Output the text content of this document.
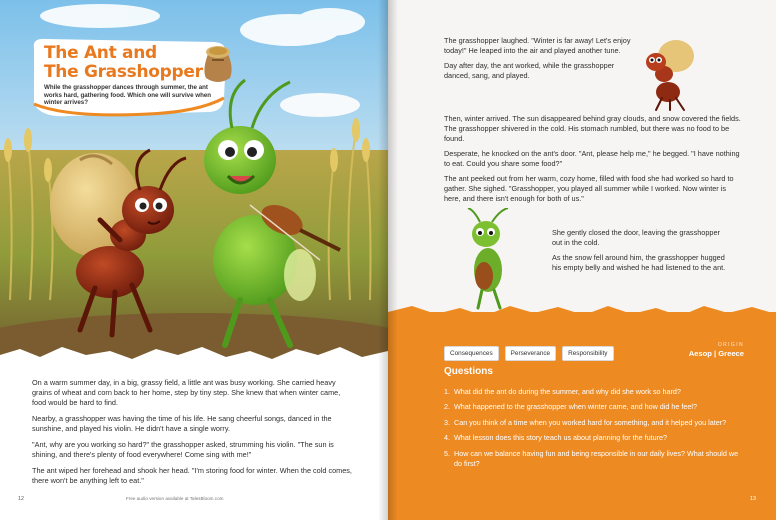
The Ant and
The Grasshopper
While the grasshopper dances through summer, the ant works hard, gathering food. Which one will survive when winter arrives?

On a warm summer day, in a big, grassy field, a little ant was busy working. She carried heavy grains of wheat and corn back to her home, step by tiny step. She knew that when winter came, food would be hard to find.

Nearby, a grasshopper was having the time of his life. He sang cheerful songs, danced in the sunshine, and played his violin. He didn't have a single worry.

"Ant, why are you working so hard?" the grasshopper asked, strumming his violin. "The sun is shining, and there's plenty of food everywhere! Come sing with me!"

The ant wiped her forehead and shook her head. "I'm storing food for winter. When the cold comes, there won't be anything left to eat."

12	Free audio version available at TalesBloom.com

The grasshopper laughed. "Winter is far away! Let's enjoy today!" He leaped into the air and played another tune.

Day after day, the ant worked, while the grasshopper danced, sang, and played.

Then, winter arrived. The sun disappeared behind gray clouds, and snow covered the fields. The grasshopper shivered in the cold. His stomach rumbled, but there was no food to be found.

Desperate, he knocked on the ant's door. "Ant, please help me," he begged. "I have nothing to eat. Could you share some food?"

The ant peeked out from her warm, cozy home, filled with food she had worked so hard to gather. She sighed. "Grasshopper, you played all summer while I worked. Now winter is here, and there isn't enough for both of us."

She gently closed the door, leaving the grasshopper out in the cold.

As the snow fell around him, the grasshopper hugged his empty belly and wished he had listened to the ant.

Consequences	Perseverance	Responsibility
ORIGIN
Aesop | Greece
Questions
1. What did the ant do during the summer, and why did she work so hard?
2. What happened to the grasshopper when winter came, and how did he feel?
3. Can you think of a time when you worked hard for something, and it helped you later?
4. What lesson does this story teach us about planning for the future?
5. How can we balance having fun and being responsible in our daily lives? What should we do first?
13
